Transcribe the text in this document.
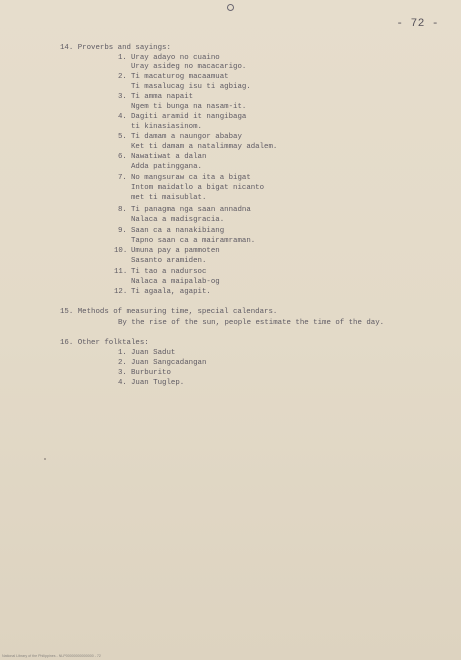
- 72 -
14. Proverbs and sayings:
1. Uray adayo no cuaino
Uray asideg no macacarigo.
2. Ti macaturog macaamuat
Ti masalucag isu ti agbiag.
3. Ti amma napait
Ngem ti bunga na nasam-it.
4. Dagiti aramid it nangibaga
ti kinasiasinom.
5. Ti damam a naungor ababay
Ket ti damam a natalimmay adalem.
6. Nawatiwat a dalan
Adda patinggana.
7. No mangsuraw ca ita a bigat
Intom maidatlo a bigat nicanto
met ti maisublat.
8. Ti panagma nga saan annadna
Nalaca a madisgracia.
9. Saan ca a nanakibiang
Tapno saan ca a mairamraman.
10. Umuna pay a pammoten
Sasanto aramiden.
11. Ti tao a nadursoc
Nalaca a maipalab-og
12. Ti agaala, agapit.
15. Methods of measuring time, special calendars.
By the rise of the sun, people estimate the time of the day.
16. Other folktales:
1. Juan Sadut
2. Juan Sangcadangan
3. Burburito
4. Juan Tuglep.
National Library of the Philippines - NLP00000000000000 - 72
